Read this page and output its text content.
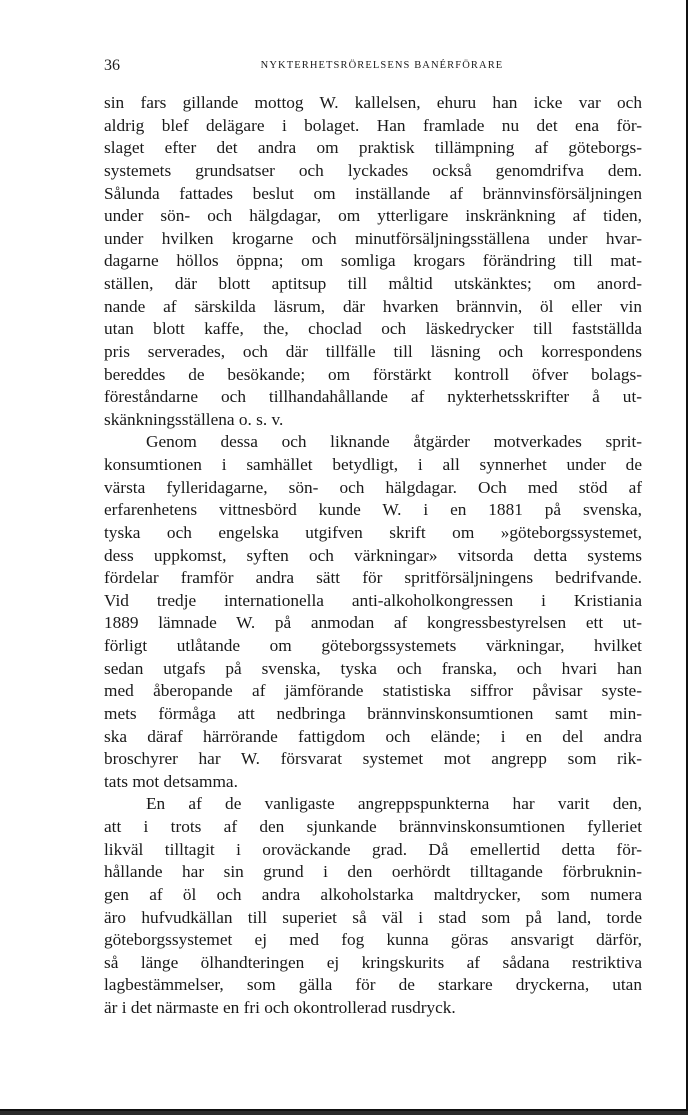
36	NYKTERHETSRÖRELSENS BANÉRFÖRARE
sin fars gillande mottog W. kallelsen, ehuru han icke var och
aldrig blef delägare i bolaget. Han framlade nu det ena för-
slaget efter det andra om praktisk tillämpning af göteborgs-
systemets grundsatser och lyckades också genomdrifva dem.
Sålunda fattades beslut om inställande af brännvinsförsäljningen
under sön- och hälgdagar, om ytterligare inskränkning af tiden,
under hvilken krogarne och minutförsäljningsställena under hvar-
dagarne höllos öppna; om somliga krogars förändring till mat-
ställen, där blott aptitsup till måltid utskänktes; om anord-
nande af särskilda läsrum, där hvarken brännvin, öl eller vin
utan blott kaffe, the, choclad och läskedrycker till fastställda
pris serverades, och där tillfälle till läsning och korrespondens
bereddes de besökande; om förstärkt kontroll öfver bolags-
föreståndarne och tillhandahållande af nykterhetsskrifter å ut-
skänkningsställena o. s. v.
Genom dessa och liknande åtgärder motverkades sprit-
konsumtionen i samhället betydligt, i all synnerhet under de
värsta fylleridagarne, sön- och hälgdagar. Och med stöd af
erfarenhetens vittnesbörd kunde W. i en 1881 på svenska,
tyska och engelska utgifven skrift om »göteborgssystemet,
dess uppkomst, syften och värkningar» vitsorda detta systems
fördelar framför andra sätt för spritförsäljningens bedrifvande.
Vid tredje internationella anti-alkoholkongressen i Kristiania
1889 lämnade W. på anmodan af kongressbestyrelsen ett ut-
förligt utlåtande om göteborgssystemets värkningar, hvilket
sedan utgafs på svenska, tyska och franska, och hvari han
med åberopande af jämförande statistiska siffror påvisar syste-
mets förmåga att nedbringa brännvinskonsumtionen samt min-
ska däraf härrörande fattigdom och elände; i en del andra
broschyrer har W. försvarat systemet mot angrepp som rik-
tats mot detsamma.
En af de vanligaste angreppspunkterna har varit den,
att i trots af den sjunkande brännvinskonsumtionen fylleriet
likväl tilltagit i oroväckande grad. Då emellertid detta för-
hållande har sin grund i den oerhördt tilltagande förbruknin-
gen af öl och andra alkoholstarka maltdrycker, som numera
äro hufvudkällan till superiet så väl i stad som på land, torde
göteborgssystemet ej med fog kunna göras ansvarigt därför,
så länge ölhandteringen ej kringskurits af sådana restriktiva
lagbestämmelser, som gälla för de starkare dryckerna, utan
är i det närmaste en fri och okontrollerad rusdryck.
